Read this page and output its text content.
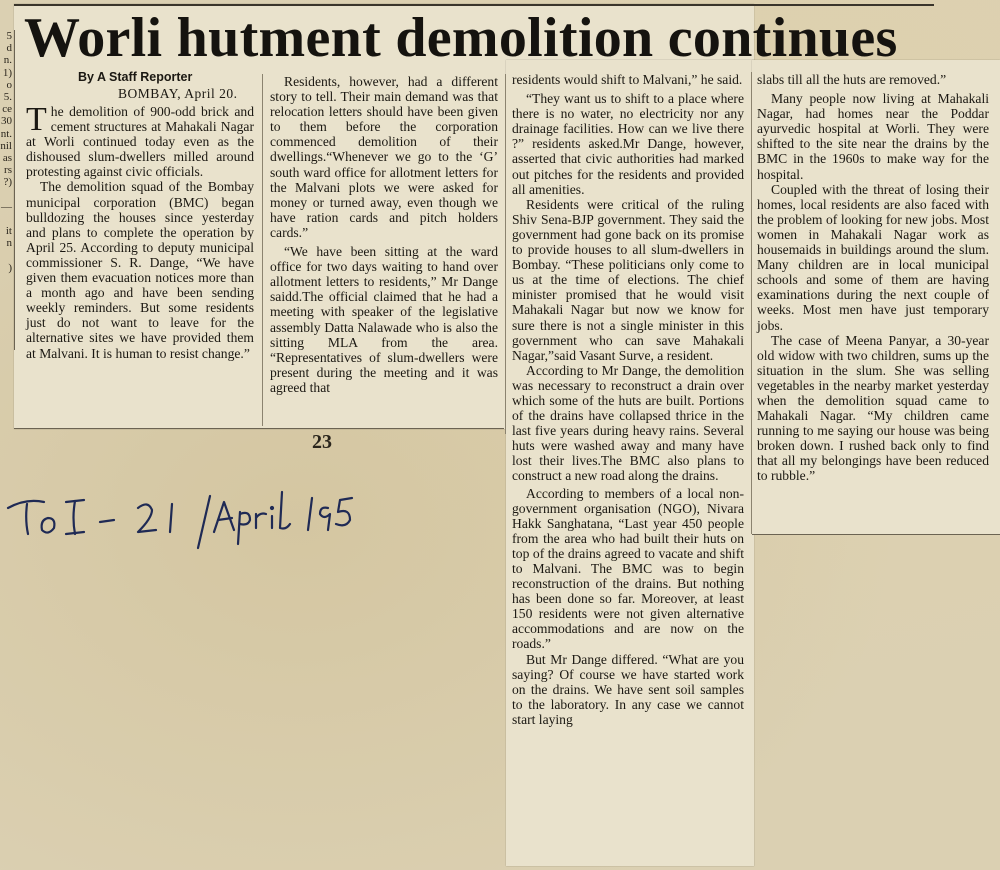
5
d
n.
1)
o
5.
ce
30
nt.
nil
as
rs
?)
—
it
n
)
Worli hutment demolition continues
By A Staff Reporter
BOMBAY, April 20.

The demolition of 900-odd brick and cement structures at Mahakali Nagar at Worli continued today even as the dishoused slum-dwellers milled around protesting against civic officials.

The demolition squad of the Bombay municipal corporation (BMC) began bulldozing the houses since yesterday and plans to complete the operation by April 25. According to deputy municipal commissioner S. R. Dange, “We have given them evacuation notices more than a month ago and have been sending weekly reminders. But some residents just do not want to leave for the alternative sites we have provided them at Malvani. It is human to resist change.”

Residents, however, had a different story to tell. Their main demand was that relocation letters should have been given to them before the corporation commenced demolition of their dwellings.“Whenever we go to the ‘G’ south ward office for allotment letters for the Malvani plots we were asked for money or turned away, even though we have ration cards and pitch holders cards.”

“We have been sitting at the ward office for two days waiting to hand over allotment letters to residents,” Mr Dange saidd.The official claimed that he had a meeting with speaker of the legislative assembly Datta Nalawade who is also the sitting MLA from the area. “Representatives of slum-dwellers were present during the meeting and it was agreed that

23

residents would shift to Malvani,” he said.

“They want us to shift to a place where there is no water, no electricity nor any drainage facilities. How can we live there ?” residents asked.Mr Dange, however, asserted that civic authorities had marked out pitches for the residents and provided all amenities.

Residents were critical of the ruling Shiv Sena-BJP government. They said the government had gone back on its promise to provide houses to all slum-dwellers in Bombay. “These politicians only come to us at the time of elections. The chief minister promised that he would visit Mahakali Nagar but now we know for sure there is not a single minister in this government who can save Mahakali Nagar,”said Vasant Surve, a resident.

According to Mr Dange, the demolition was necessary to reconstruct a drain over which some of the huts are built. Portions of the drains have collapsed thrice in the last five years during heavy rains. Several huts were washed away and many have lost their lives.The BMC also plans to construct a new road along the drains.

According to members of a local non-government organisation (NGO), Nivara Hakk Sanghatana, “Last year 450 people from the area who had built their huts on top of the drains agreed to vacate and shift to Malvani. The BMC was to begin reconstruction of the drains. But nothing has been done so far. Moreover, at least 150 residents were not given alternative accommodations and are now on the roads.”

But Mr Dange differed. “What are you saying? Of course we have started work on the drains. We have sent soil samples to the laboratory. In any case we cannot start laying

slabs till all the huts are removed.”

Many people now living at Mahakali Nagar, had homes near the Poddar ayurvedic hospital at Worli. They were shifted to the site near the drains by the BMC in the 1960s to make way for the hospital.

Coupled with the threat of losing their homes, local residents are also faced with the problem of looking for new jobs. Most women in Mahakali Nagar work as housemaids in buildings around the slum. Many children are in local municipal schools and some of them are having examinations during the next couple of weeks. Most men have just temporary jobs.

The case of Meena Panyar, a 30-year old widow with two children, sums up the situation in the slum. She was selling vegetables in the nearby market yesterday when the demolition squad came to Mahakali Nagar. “My children came running to me saying our house was being broken down. I rushed back only to find that all my belongings have been reduced to rubble.”
